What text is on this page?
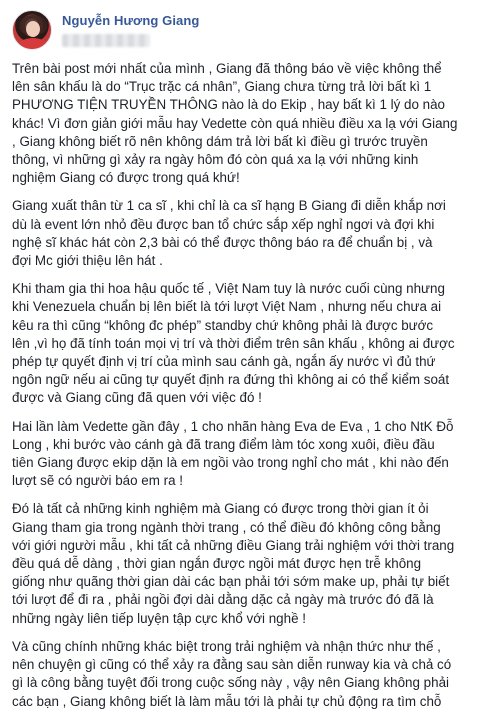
Nguyễn Hương Giang

Trên bài post mới nhất của mình , Giang đã thông báo về việc không thể
lên sân khấu là do “Trục trặc cá nhân”, Giang chưa từng trả lời bất kì 1
PHƯƠNG TIỆN TRUYỀN THÔNG nào là do Ekip , hay bất kì 1 lý do nào
khác! Vì đơn giản giới mẫu hay Vedette còn quá nhiều điều xa lạ với Giang
, Giang không biết rõ nên không dám trả lời bất kì điều gì trước truyền
thông, vì những gì xảy ra ngày hôm đó còn quá xa lạ với những kinh
nghiệm Giang có được trong quá khứ!

Giang xuất thân từ 1 ca sĩ , khi chỉ là ca sĩ hạng B Giang đi diễn khắp nơi
dù là event lớn nhỏ đều được ban tổ chức sắp xếp nghỉ ngơi và đợi khi
nghệ sĩ khác hát còn 2,3 bài có thể được thông báo ra để chuẩn bị , và
đợi Mc giới thiệu lên hát .

Khi tham gia thi hoa hậu quốc tế , Việt Nam tuy là nước cuối cùng nhưng
khi Venezuela chuẩn bị lên biết là tới lượt Việt Nam , nhưng nếu chưa ai
kêu ra thì cũng “không đc phép” standby chứ không phải là được bước
lên ,vì họ đã tính toán mọi vị trí và thời điểm trên sân khấu , không ai được
phép tự quyết định vị trí của mình sau cánh gà, ngắn ấy nước vì đủ thứ
ngôn ngữ nếu ai cũng tự quyết định ra đứng thì không ai có thể kiểm soát
được và Giang cũng đã quen với việc đó !

Hai lần làm Vedette gần đây , 1 cho nhãn hàng Eva de Eva , 1 cho NtK Đỗ
Long , khi bước vào cánh gà đã trang điểm làm tóc xong xuôi, điều đầu
tiên Giang được ekip dặn là em ngồi vào trong nghỉ cho mát , khi nào đến
lượt sẽ có người báo em ra !

Đó là tất cả những kinh nghiệm mà Giang có được trong thời gian ít ỏi
Giang tham gia trong ngành thời trang , có thể điều đó không công bằng
với giới người mẫu , khi tất cả những điều Giang trải nghiệm với thời trang
đều quá dễ dàng , thời gian ngắn được ngồi mát được hẹn trễ không
giống như quãng thời gian dài các bạn phải tới sớm make up, phải tự biết
tới lượt để đi ra , phải ngồi đợi dài dằng dặc cả ngày mà trước đó đã là
những ngày liên tiếp luyện tập cực khổ với nghề !

Và cũng chính những khác biệt trong trải nghiệm và nhận thức như thế ,
nên chuyện gì cũng có thể xảy ra đằng sau sàn diễn runway kia và chả có
gì là công bằng tuyệt đối trong cuộc sống này , vậy nên Giang không phải
các bạn , Giang không biết là làm mẫu tới là phải tự chủ động ra tìm chỗ
